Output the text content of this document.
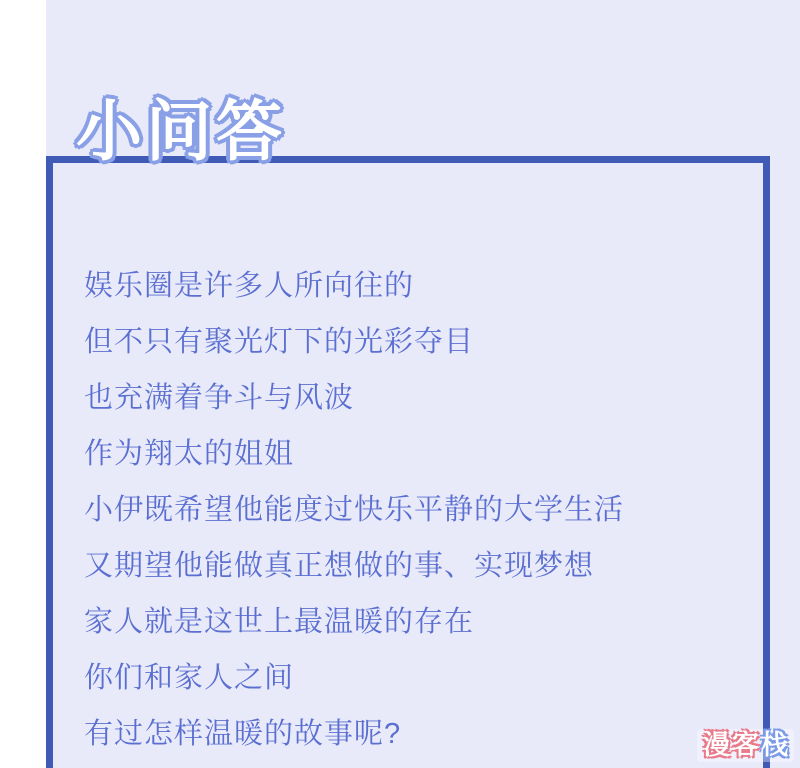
小问答
娱乐圈是许多人所向往的
但不只有聚光灯下的光彩夺目
也充满着争斗与风波
作为翔太的姐姐
小伊既希望他能度过快乐平静的大学生活
又期望他能做真正想做的事、实现梦想
家人就是这世上最温暖的存在
你们和家人之间
有过怎样温暖的故事呢?	漫 客 栈
